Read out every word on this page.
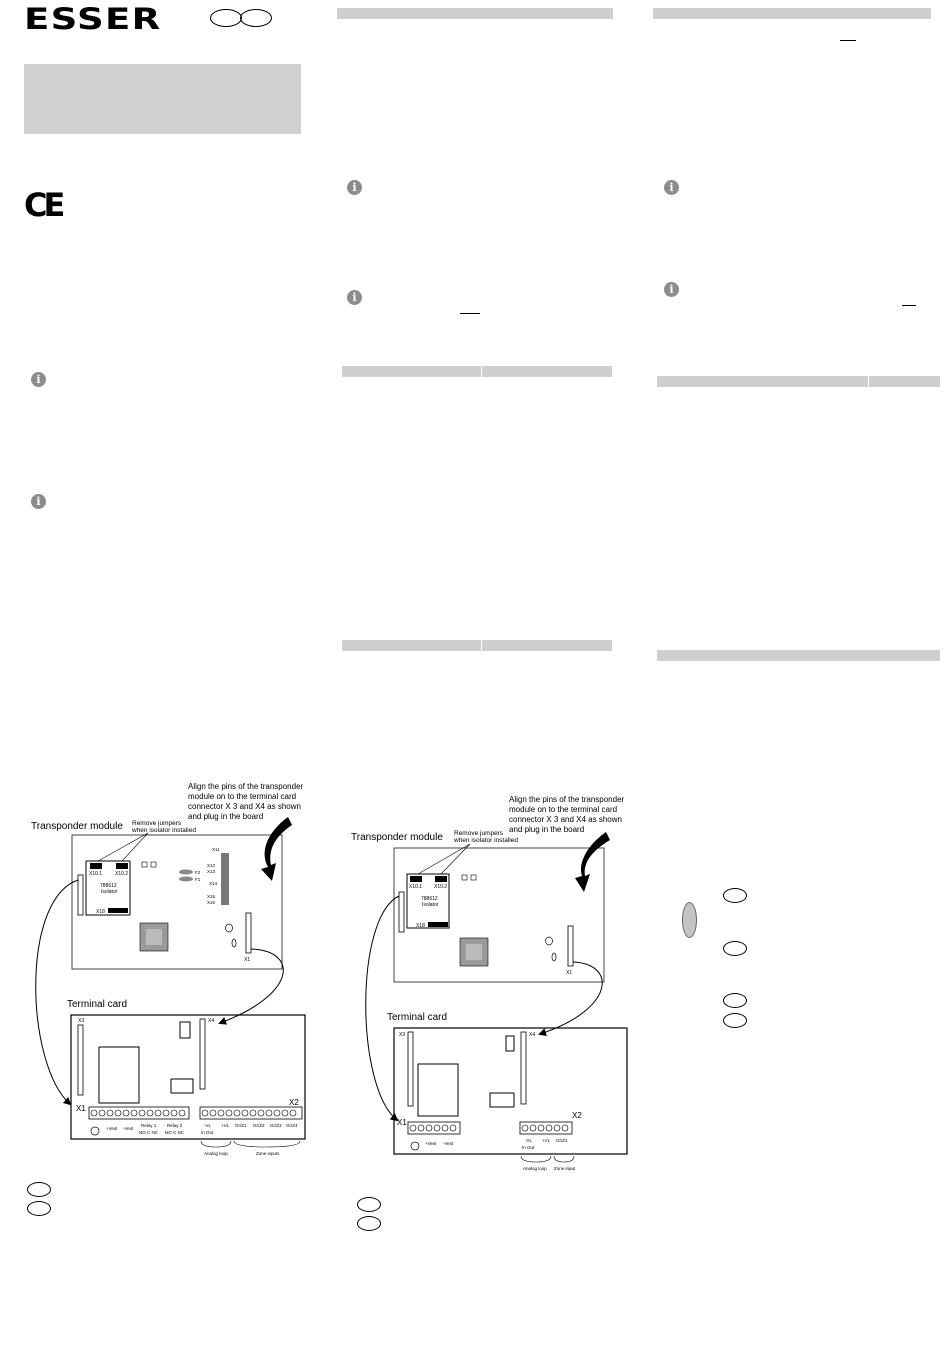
ESSER
CE
i
i
i
i
i
i
Align the pins of the transponder
module on to the terminal card
connector X 3 and X4 as shown
and plug in the board
Transponder module Remove jumpers
when isolator installed
788612
Isolator
X10.1	X10.2
X18
F2
F1
X11
X12
X13
X14
X15
X16
X1
Terminal card
X3	X4
X1
X2
+Vext -Vext
Relay 1
NO C NC
Relay 2
NO C NC
-VL
In Out
+VL Gr/Z1 Gr/Z2 Gr/Z3 Gr/Z4
Analog loop	Zone inputs
Align the pins of the transponder
module on to the terminal card
connector X 3 and X4 as shown
and plug in the board
Transponder module Remove jumpers
when isolator installed
788612
Isolator
X10.1 X10.2
X18
X1
Terminal card
X3	X4
X1
X2
+Vext -Vext
-VL
In Out
+VL Gr/Z1
Analog loop Zone input
